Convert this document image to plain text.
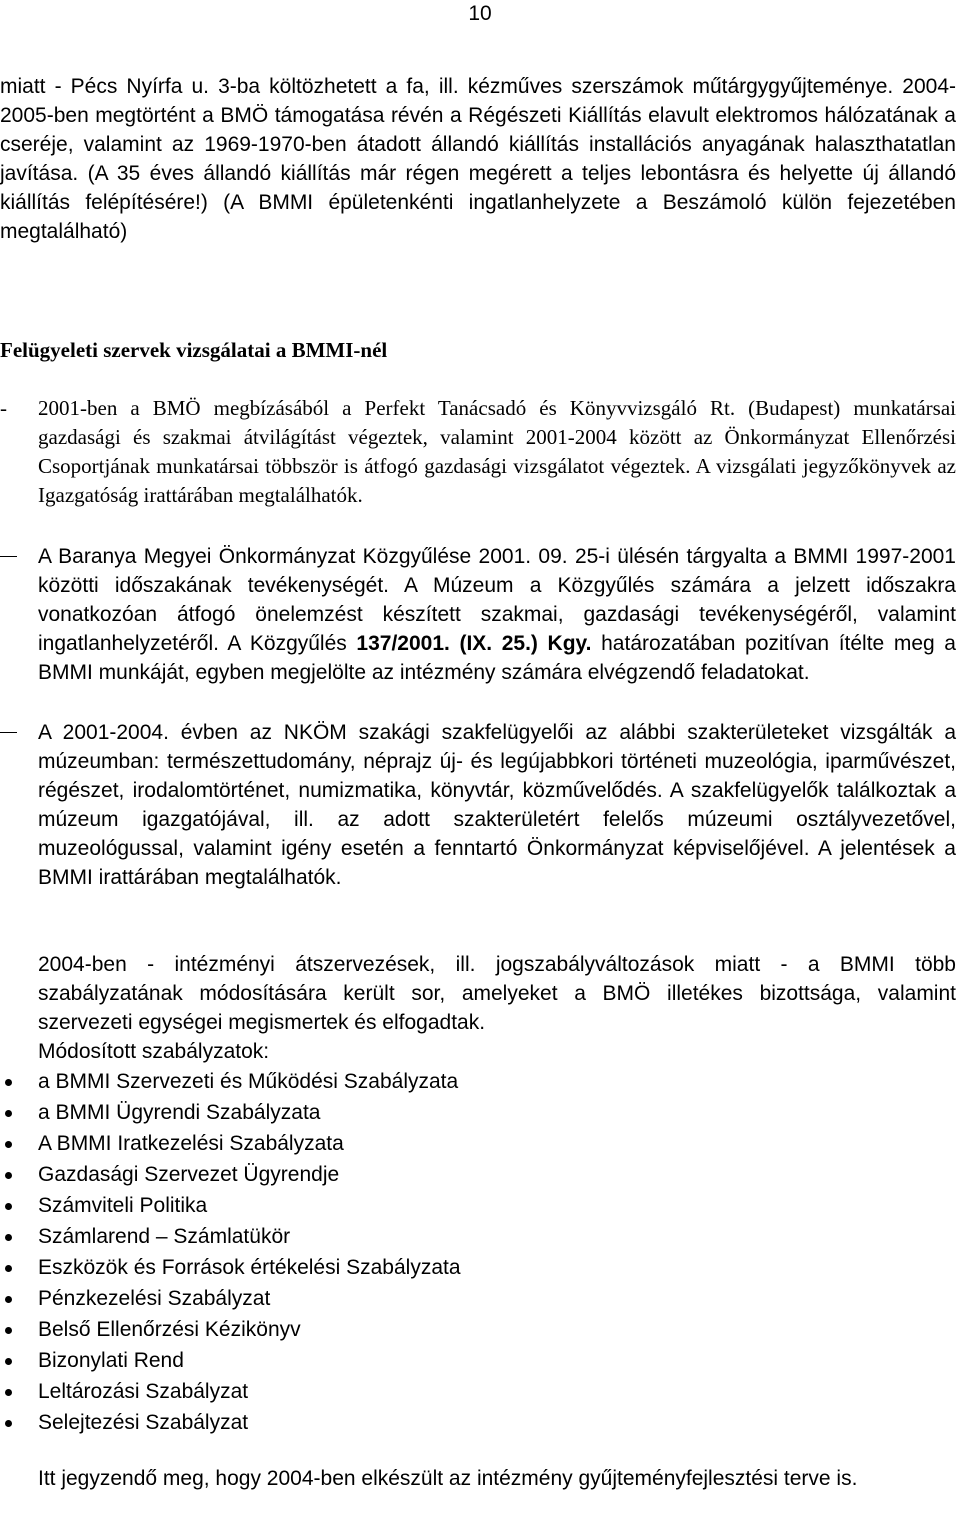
10

miatt - Pécs Nyírfa u. 3-ba költözhetett a fa, ill. kézműves szerszámok műtárgygyűjteménye. 2004-2005-ben megtörtént a BMÖ támogatása révén a Régészeti Kiállítás elavult elektromos hálózatának a cseréje, valamint az 1969-1970-ben átadott állandó kiállítás installációs anyagának halaszthatatlan javítása. (A 35 éves állandó kiállítás már régen megérett a teljes lebontásra és helyette új állandó kiállítás felépítésére!) (A BMMI épületenkénti ingatlanhelyzete a Beszámoló külön fejezetében megtalálható)

Felügyeleti szervek vizsgálatai a BMMI-nél
- 2001-ben a BMÖ megbízásából a Perfekt Tanácsadó és Könyvvizsgáló Rt. (Budapest) munkatársai gazdasági és szakmai átvilágítást végeztek, valamint 2001-2004 között az Önkormányzat Ellenőrzési Csoportjának munkatársai többször is átfogó gazdasági vizsgálatot végeztek. A vizsgálati jegyzőkönyvek az Igazgatóság irattárában megtalálhatók.
A Baranya Megyei Önkormányzat Közgyűlése 2001. 09. 25-i ülésén tárgyalta a BMMI 1997-2001 közötti időszakának tevékenységét. A Múzeum a Közgyűlés számára a jelzett időszakra vonatkozóan átfogó önelemzést készített szakmai, gazdasági tevékenységéről, valamint ingatlanhelyzetéről. A Közgyűlés 137/2001. (IX. 25.) Kgy. határozatában pozitívan ítélte meg a BMMI munkáját, egyben megjelölte az intézmény számára elvégzendő feladatokat.
A 2001-2004. évben az NKÖM szakági szakfelügyelői az alábbi szakterületeket vizsgálták a múzeumban: természettudomány, néprajz új- és legújabbkori történeti muzeológia, iparművészet, régészet, irodalomtörténet, numizmatika, könyvtár, közművelődés. A szakfelügyelők találkoztak a múzeum igazgatójával, ill. az adott szakterületért felelős múzeumi osztályvezetővel, muzeológussal, valamint igény esetén a fenntartó Önkormányzat képviselőjével. A jelentések a BMMI irattárában megtalálhatók.

2004-ben - intézményi átszervezések, ill. jogszabályváltozások miatt - a BMMI több szabályzatának módosítására került sor, amelyeket a BMÖ illetékes bizottsága, valamint szervezeti egységei megismertek és elfogadtak.

Módosított szabályzatok:

a BMMI Szervezeti és Működési Szabályzata
a BMMI Ügyrendi Szabályzata
A BMMI Iratkezelési Szabályzata
Gazdasági Szervezet Ügyrendje
Számviteli Politika
Számlarend – Számlatükör
Eszközök és Források értékelési Szabályzata
Pénzkezelési Szabályzat
Belső Ellenőrzési Kézikönyv
Bizonylati Rend
Leltározási Szabályzat
Selejtezési Szabályzat

Itt jegyzendő meg, hogy 2004-ben elkészült az intézmény gyűjteményfejlesztési terve is.
